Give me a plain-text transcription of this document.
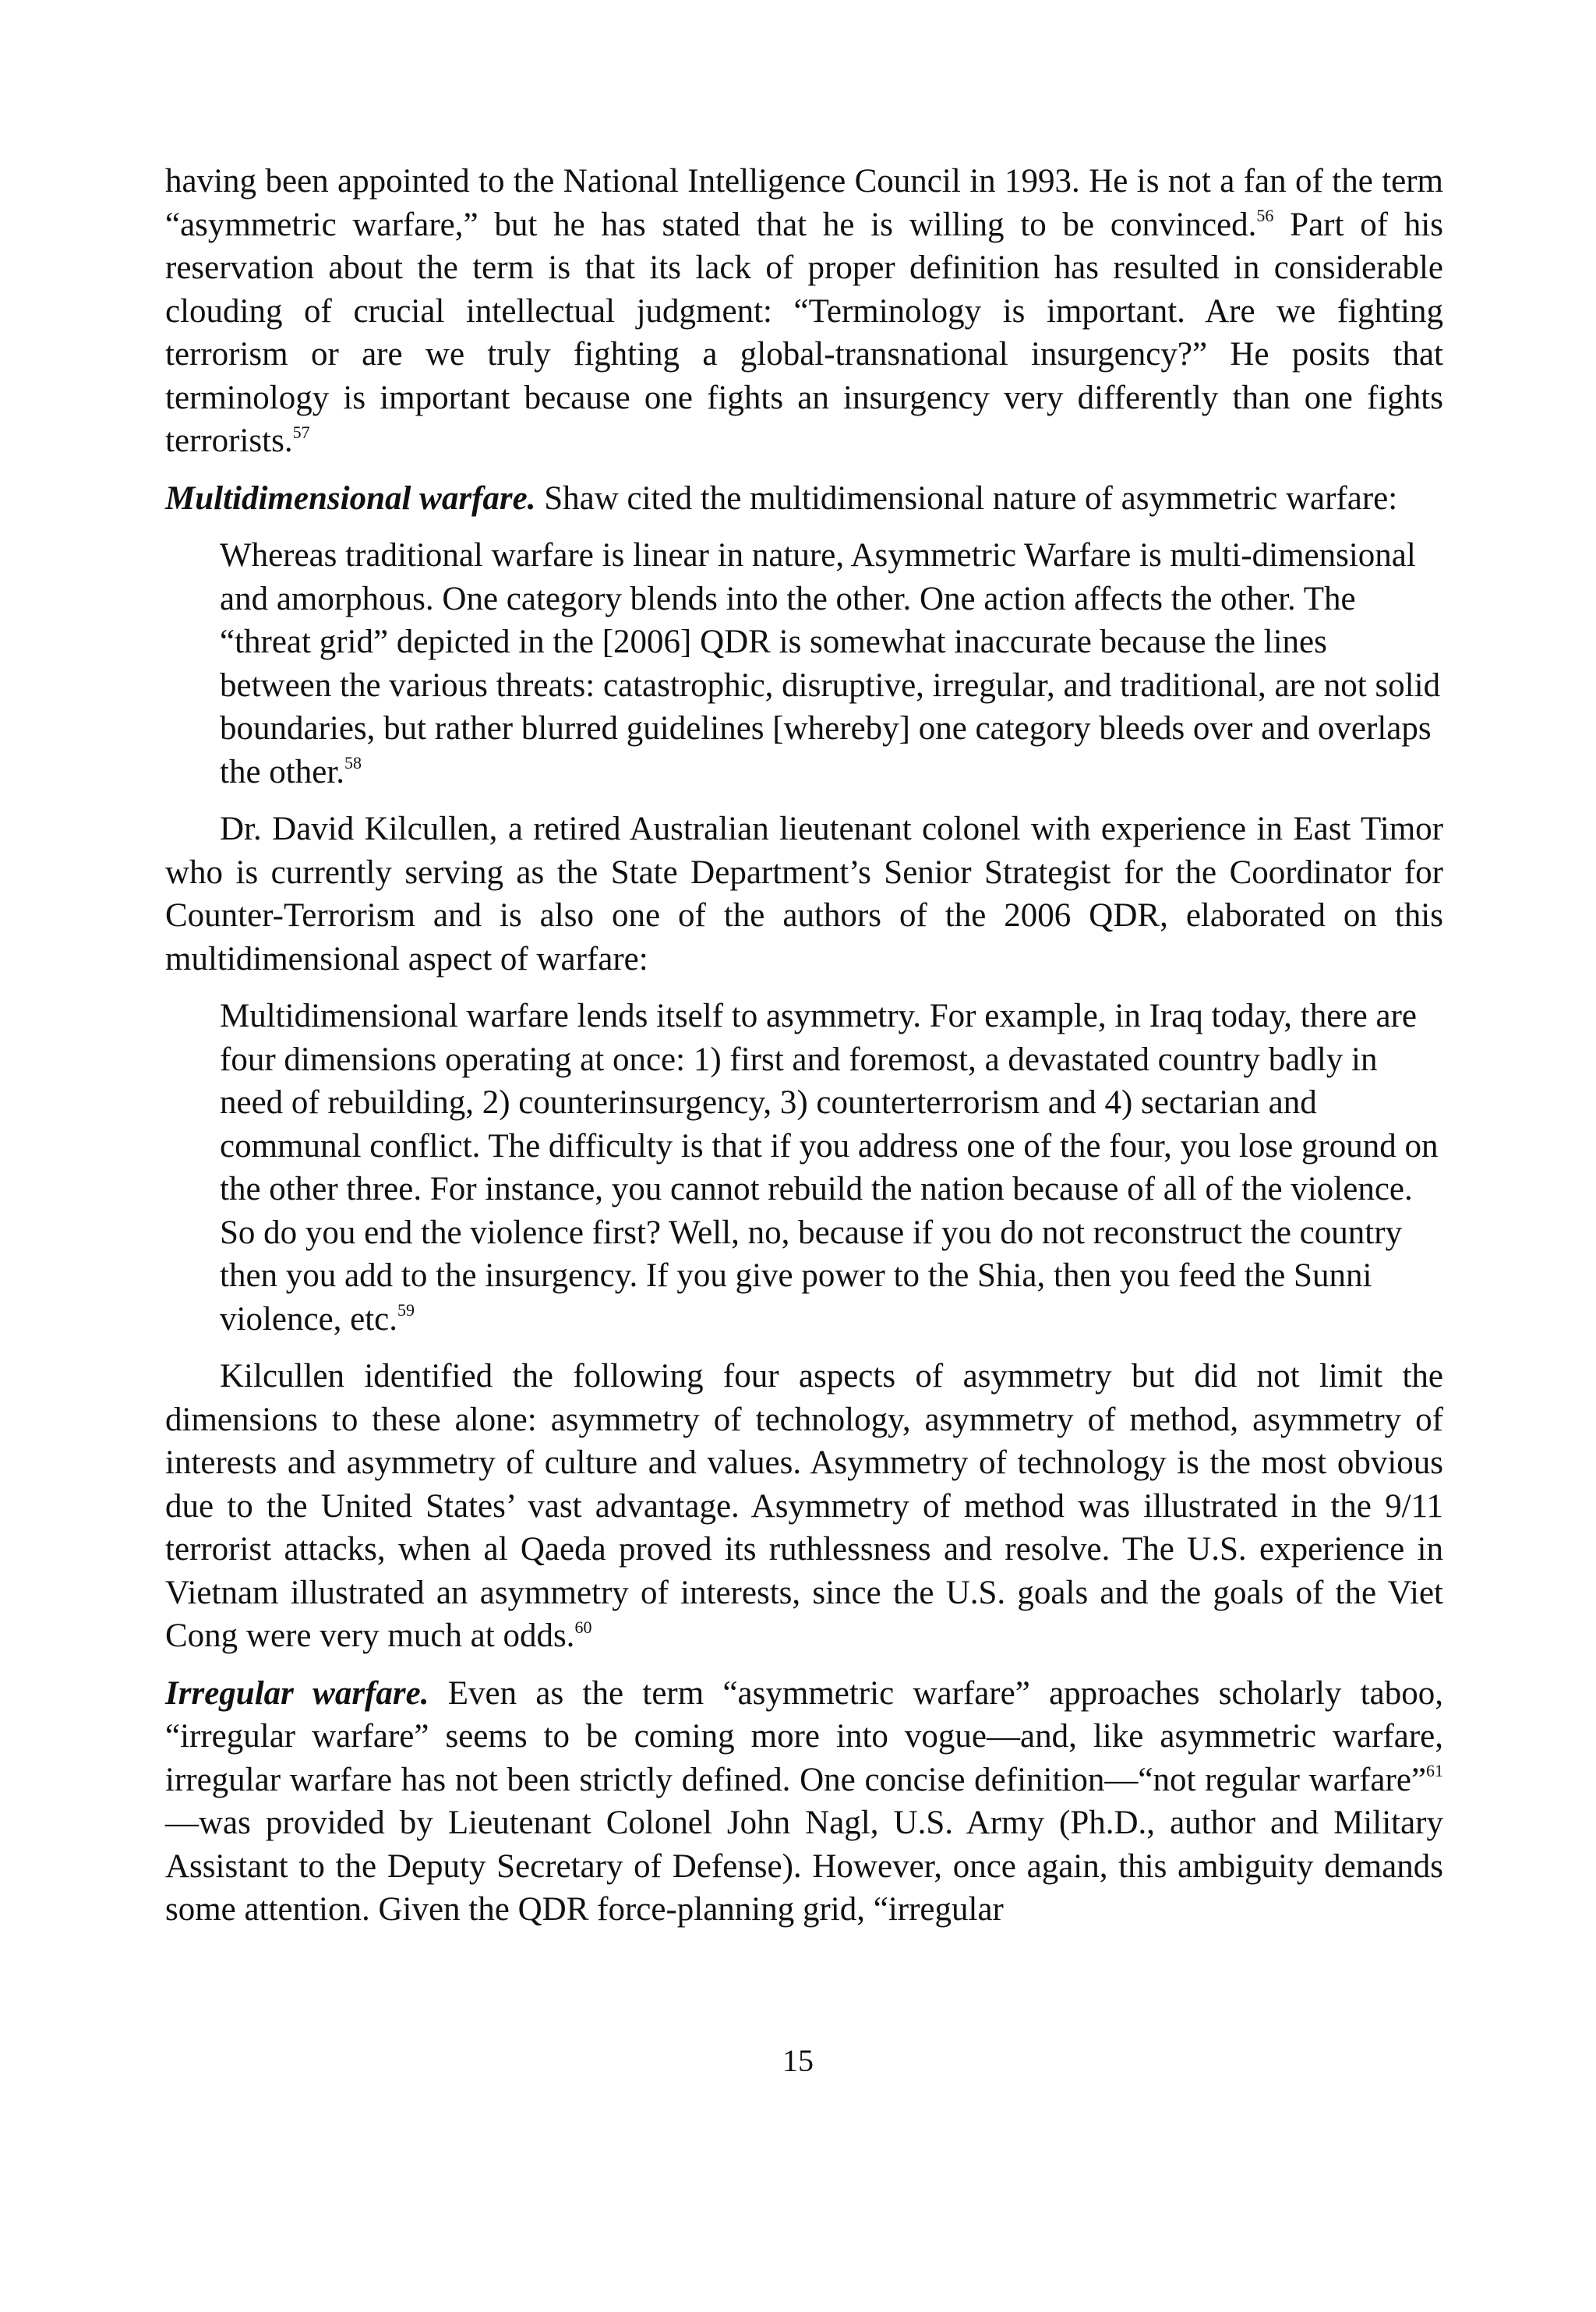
having been appointed to the National Intelligence Council in 1993. He is not a fan of the term “asymmetric warfare,” but he has stated that he is willing to be convinced.$^{56}$ Part of his reservation about the term is that its lack of proper definition has resulted in considerable clouding of crucial intellectual judgment: “Terminology is important. Are we fighting terrorism or are we truly fighting a global-transnational insurgency?” He posits that terminology is important because one fights an insurgency very differently than one fights terrorists.$^{57}$

Multidimensional warfare. Shaw cited the multidimensional nature of asymmetric warfare:

Whereas traditional warfare is linear in nature, Asymmetric Warfare is multi-dimensional and amorphous. One category blends into the other. One action affects the other. The “threat grid” depicted in the [2006] QDR is somewhat inaccurate because the lines between the various threats: catastrophic, disruptive, irregular, and traditional, are not solid boundaries, but rather blurred guidelines [whereby] one category bleeds over and overlaps the other.$^{58}$

Dr. David Kilcullen, a retired Australian lieutenant colonel with experience in East Timor who is currently serving as the State Department’s Senior Strategist for the Coordinator for Counter-Terrorism and is also one of the authors of the 2006 QDR, elaborated on this multidimensional aspect of warfare:

Multidimensional warfare lends itself to asymmetry. For example, in Iraq today, there are four dimensions operating at once: 1) first and foremost, a devastated country badly in need of rebuilding, 2) counterinsurgency, 3) counterterrorism and 4) sectarian and communal conflict. The difficulty is that if you address one of the four, you lose ground on the other three. For instance, you cannot rebuild the nation because of all of the violence. So do you end the violence first? Well, no, because if you do not reconstruct the country then you add to the insurgency. If you give power to the Shia, then you feed the Sunni violence, etc.$^{59}$

Kilcullen identified the following four aspects of asymmetry but did not limit the dimensions to these alone: asymmetry of technology, asymmetry of method, asymmetry of interests and asymmetry of culture and values. Asymmetry of technology is the most obvious due to the United States’ vast advantage. Asymmetry of method was illustrated in the 9/11 terrorist attacks, when al Qaeda proved its ruthlessness and resolve. The U.S. experience in Vietnam illustrated an asymmetry of interests, since the U.S. goals and the goals of the Viet Cong were very much at odds.$^{60}$

Irregular warfare. Even as the term “asymmetric warfare” approaches scholarly taboo, “irregular warfare” seems to be coming more into vogue—and, like asymmetric warfare, irregular warfare has not been strictly defined. One concise definition—“not regular warfare”$^{61}$ —was provided by Lieutenant Colonel John Nagl, U.S. Army (Ph.D., author and Military Assistant to the Deputy Secretary of Defense). However, once again, this ambiguity demands some attention. Given the QDR force-planning grid, “irregular

15
